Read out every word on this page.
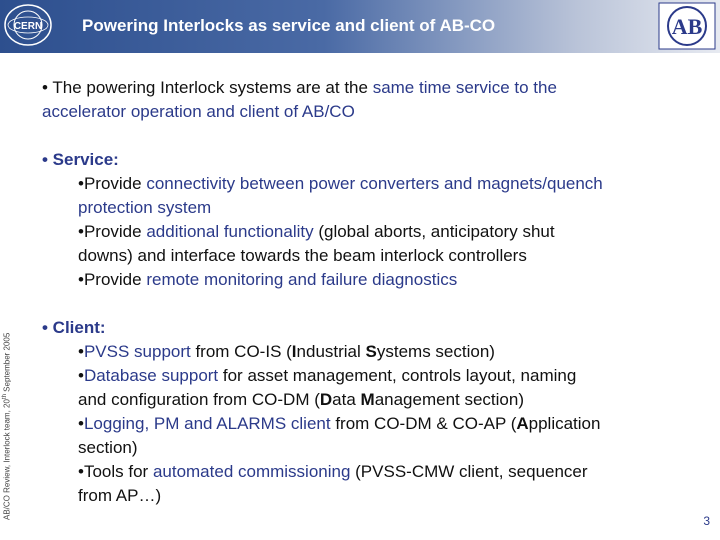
CERN Powering Interlocks as service and client of AB-CO	AB
AB/CO Review, Interlock team, 20th September 2005
• The powering Interlock systems are at the same time service to the
accelerator operation and client of AB/CO
• Service:
•Provide connectivity between power converters and magnets/quench
protection system
•Provide additional functionality (global aborts, anticipatory shut
downs) and interface towards the beam interlock controllers
•Provide remote monitoring and failure diagnostics
• Client:
•PVSS support from CO-IS (Industrial Systems section)
•Database support for asset management, controls layout, naming
and configuration from CO-DM (Data Management section)
•Logging, PM and ALARMS client from CO-DM & CO-AP (Application
section)
•Tools for automated commissioning (PVSS-CMW client, sequencer
from AP…)
3
